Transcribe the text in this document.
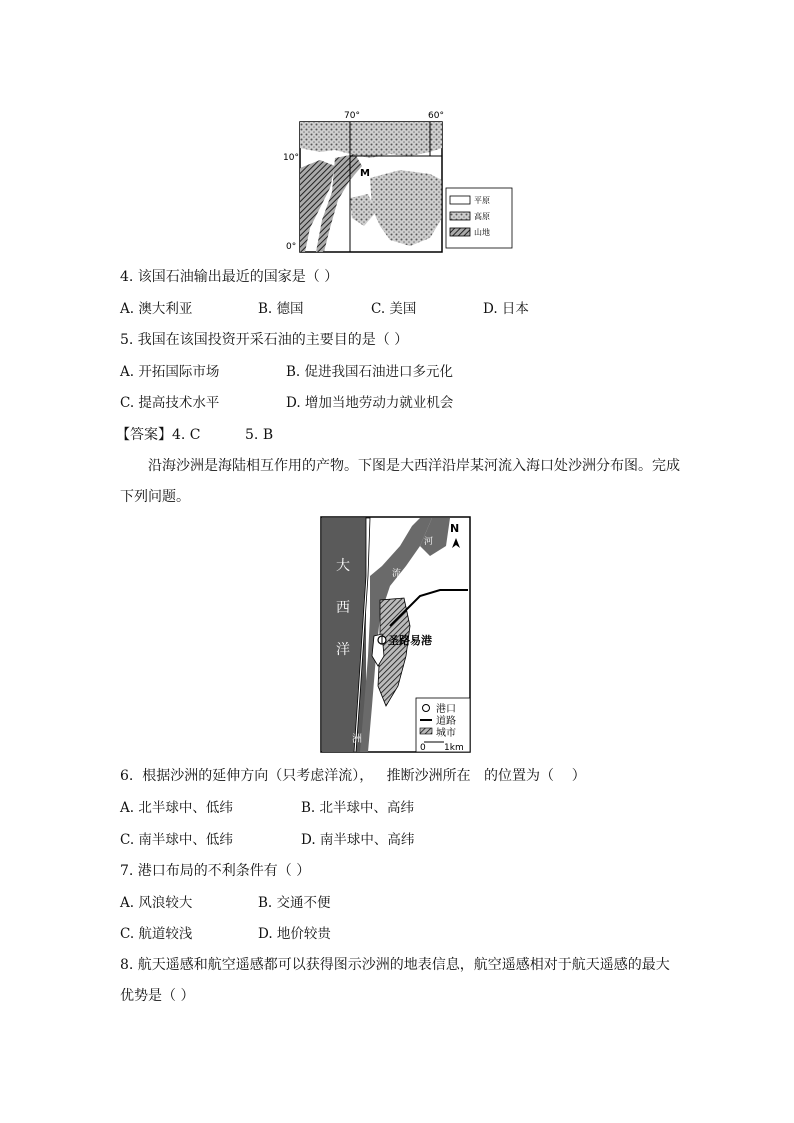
70°	60°
10°
0°
M
平原
高原
山地
4. 该国石油输出最近的国家是（ ）
A. 澳大利亚	B. 德国	C. 美国	D. 日本
5. 我国在该国投资开采石油的主要目的是（ ）
A. 开拓国际市场	B. 促进我国石油进口多元化
C. 提高技术水平	D. 增加当地劳动力就业机会
【答案】4. C          5. B
沿海沙洲是海陆相互作用的产物。下图是大西洋沿岸某河流入海口处沙洲分布图。完成下列问题。
圣路易港
大
西
洋
河
流
洲
N
港口
道路
城市
0 1km
6.  根据沙洲的延伸方向（只考虑洋流），   推断沙洲所在   的位置为（    ）
A. 北半球中、低纬	B. 北半球中、高纬
C. 南半球中、低纬	D. 南半球中、高纬
7. 港口布局的不利条件有（ ）
A. 风浪较大	B. 交通不便
C. 航道较浅	D. 地价较贵
8. 航天遥感和航空遥感都可以获得图示沙洲的地表信息，航空遥感相对于航天遥感的最大优势是（ ）
